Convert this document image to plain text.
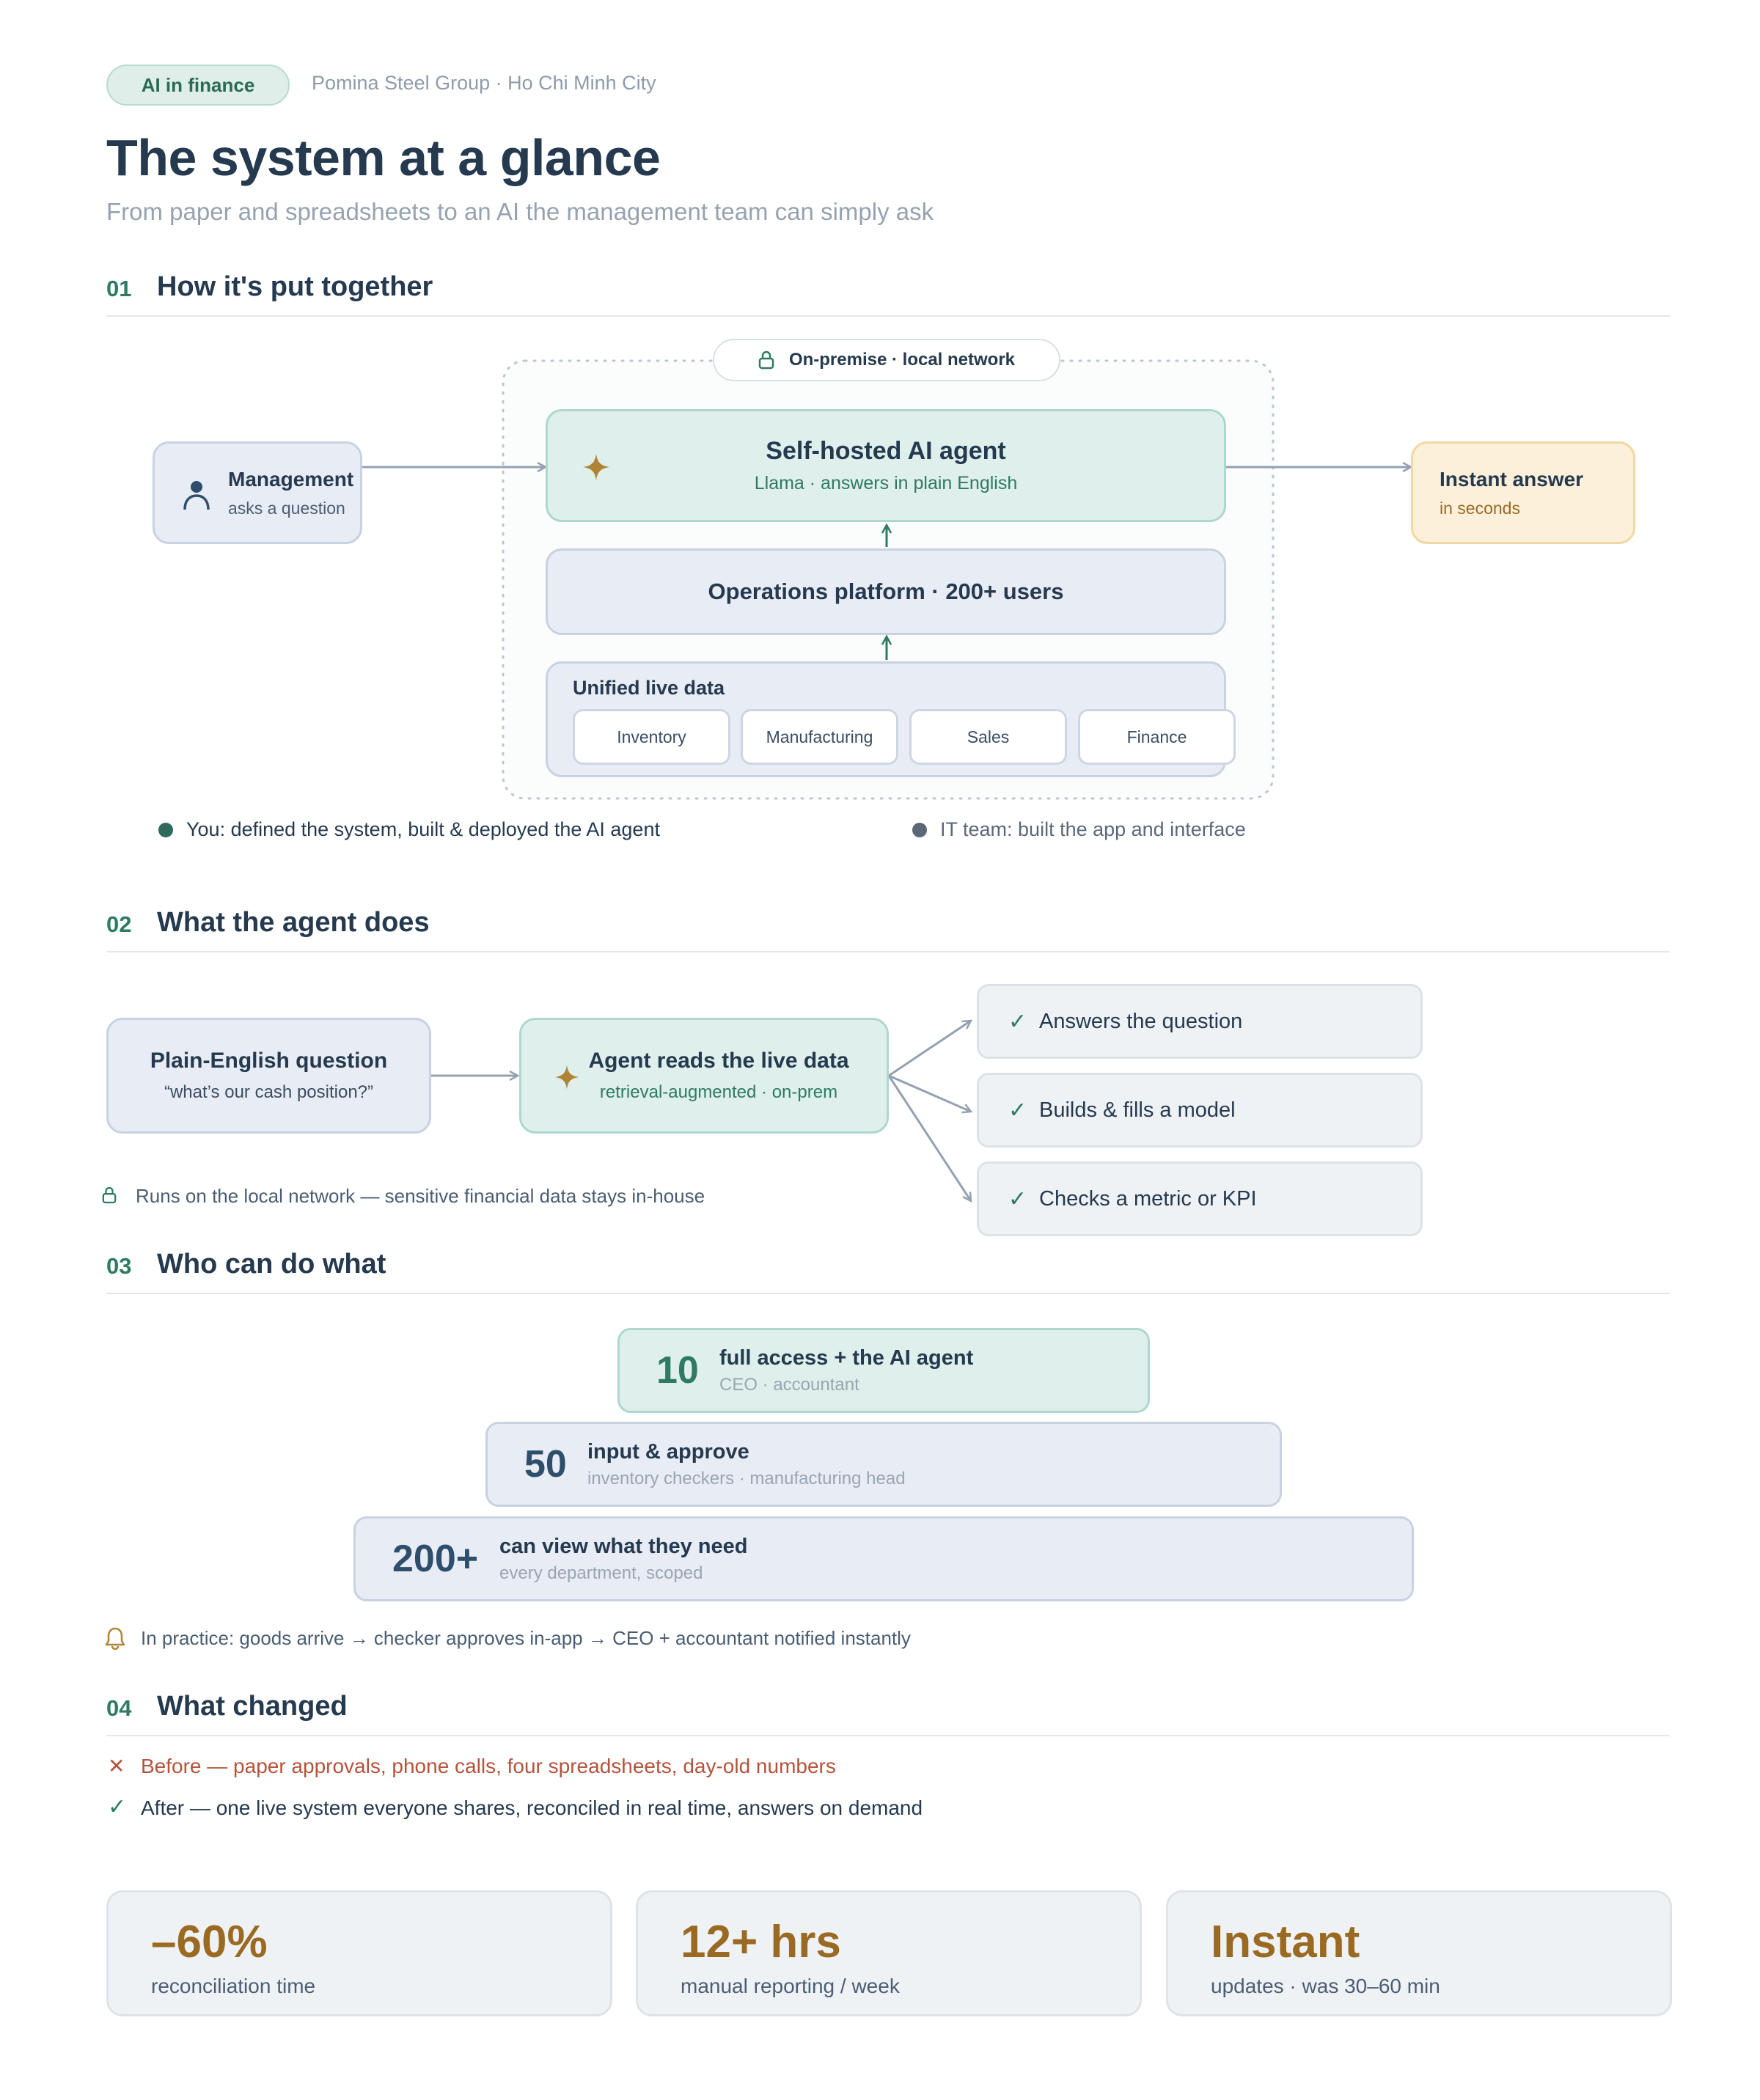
AI in finance	Pomina Steel Group · Ho Chi Minh City
The system at a glance
From paper and spreadsheets to an AI the management team can simply ask
01 How it's put together
On-premise · local network
Management
asks a question
Self-hosted AI agent
Llama · answers in plain English	Instant answer
in seconds
Operations platform · 200+ users
Unified live data
Inventory	Manufacturing	Sales	Finance
You: defined the system, built & deployed the AI agent	IT team: built the app and interface
02 What the agent does
Plain-English question
“what’s our cash position?”
Agent reads the live data
retrieval-augmented · on-prem
✓ Answers the question
✓ Builds & fills a model
✓ Checks a metric or KPI
Runs on the local network — sensitive financial data stays in-house
03 Who can do what
10 full access + the AI agent
CEO · accountant
50 input & approve
inventory checkers · manufacturing head
200+ can view what they need
every department, scoped
In practice: goods arrive → checker approves in-app → CEO + accountant notified instantly
04 What changed
✕ Before — paper approvals, phone calls, four spreadsheets, day-old numbers
✓ After — one live system everyone shares, reconciled in real time, answers on demand
–60%
reconciliation time
12+ hrs
manual reporting / week
Instant
updates · was 30–60 min
